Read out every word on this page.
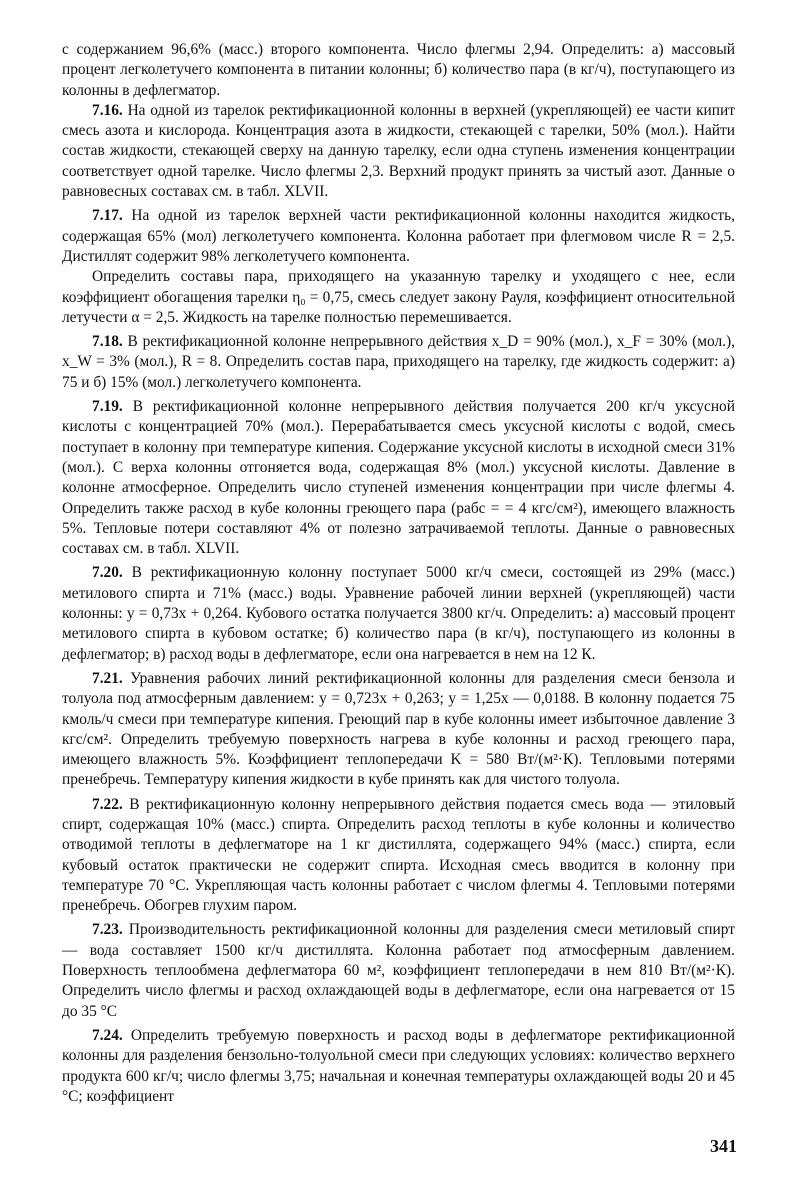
с содержанием 96,6% (масс.) второго компонента. Число флегмы 2,94. Определить: а) массовый процент легколетучего компонента в питании колонны; б) количество пара (в кг/ч), поступающего из колонны в дефлегматор.

7.16. На одной из тарелок ректификационной колонны в верхней (укрепляющей) ее части кипит смесь азота и кислорода. Концентрация азота в жидкости, стекающей с тарелки, 50% (мол.). Найти состав жидкости, стекающей сверху на данную тарелку, если одна ступень изменения концентрации соответствует одной тарелке. Число флегмы 2,3. Верхний продукт принять за чистый азот. Данные о равновесных составах см. в табл. XLVII.

7.17. На одной из тарелок верхней части ректификационной колонны находится жидкость, содержащая 65% (мол) легколетучего компонента. Колонна работает при флегмовом числе R = 2,5. Дистиллят содержит 98% легколетучего компонента.

Определить составы пара, приходящего на указанную тарелку и уходящего с нее, если коэффициент обогащения тарелки η₀ = 0,75, смесь следует закону Рауля, коэффициент относительной летучести α = 2,5. Жидкость на тарелке полностью перемешивается.

7.18. В ректификационной колонне непрерывного действия x_D = 90% (мол.), x_F = 30% (мол.), x_W = 3% (мол.), R = 8. Определить состав пара, приходящего на тарелку, где жидкость содержит: а) 75 и б) 15% (мол.) легколетучего компонента.

7.19. В ректификационной колонне непрерывного действия получается 200 кг/ч уксусной кислоты с концентрацией 70% (мол.). Перерабатывается смесь уксусной кислоты с водой, смесь поступает в колонну при температуре кипения. Содержание уксусной кислоты в исходной смеси 31% (мол.). С верха колонны отгоняется вода, содержащая 8% (мол.) уксусной кислоты. Давление в колонне атмосферное. Определить число ступеней изменения концентрации при числе флегмы 4. Определить также расход в кубе колонны греющего пара (pабс = = 4 кгс/см²), имеющего влажность 5%. Тепловые потери составляют 4% от полезно затрачиваемой теплоты. Данные о равновесных составах см. в табл. XLVII.

7.20. В ректификационную колонну поступает 5000 кг/ч смеси, состоящей из 29% (масс.) метилового спирта и 71% (масс.) воды. Уравнение рабочей линии верхней (укрепляющей) части колонны: y = 0,73x + 0,264. Кубового остатка получается 3800 кг/ч. Определить: а) массовый процент метилового спирта в кубовом остатке; б) количество пара (в кг/ч), поступающего из колонны в дефлегматор; в) расход воды в дефлегматоре, если она нагревается в нем на 12 К.

7.21. Уравнения рабочих линий ректификационной колонны для разделения смеси бензола и толуола под атмосферным давлением: y = 0,723x + 0,263; y = 1,25x — 0,0188. В колонну подается 75 кмоль/ч смеси при температуре кипения. Греющий пар в кубе колонны имеет избыточное давление 3 кгс/см². Определить требуемую поверхность нагрева в кубе колонны и расход греющего пара, имеющего влажность 5%. Коэффициент теплопередачи K = 580 Вт/(м²·К). Тепловыми потерями пренебречь. Температуру кипения жидкости в кубе принять как для чистого толуола.

7.22. В ректификационную колонну непрерывного действия подается смесь вода — этиловый спирт, содержащая 10% (масс.) спирта. Определить расход теплоты в кубе колонны и количество отводимой теплоты в дефлегматоре на 1 кг дистиллята, содержащего 94% (масс.) спирта, если кубовый остаток практически не содержит спирта. Исходная смесь вводится в колонну при температуре 70 °С. Укрепляющая часть колонны работает с числом флегмы 4. Тепловыми потерями пренебречь. Обогрев глухим паром.

7.23. Производительность ректификационной колонны для разделения смеси метиловый спирт — вода составляет 1500 кг/ч дистиллята. Колонна работает под атмосферным давлением. Поверхность теплообмена дефлегматора 60 м², коэффициент теплопередачи в нем 810 Вт/(м²·К). Определить число флегмы и расход охлаждающей воды в дефлегматоре, если она нагревается от 15 до 35 °С

7.24. Определить требуемую поверхность и расход воды в дефлегматоре ректификационной колонны для разделения бензольно-толуольной смеси при следующих условиях: количество верхнего продукта 600 кг/ч; число флегмы 3,75; начальная и конечная температуры охлаждающей воды 20 и 45 °С; коэффициент

341
